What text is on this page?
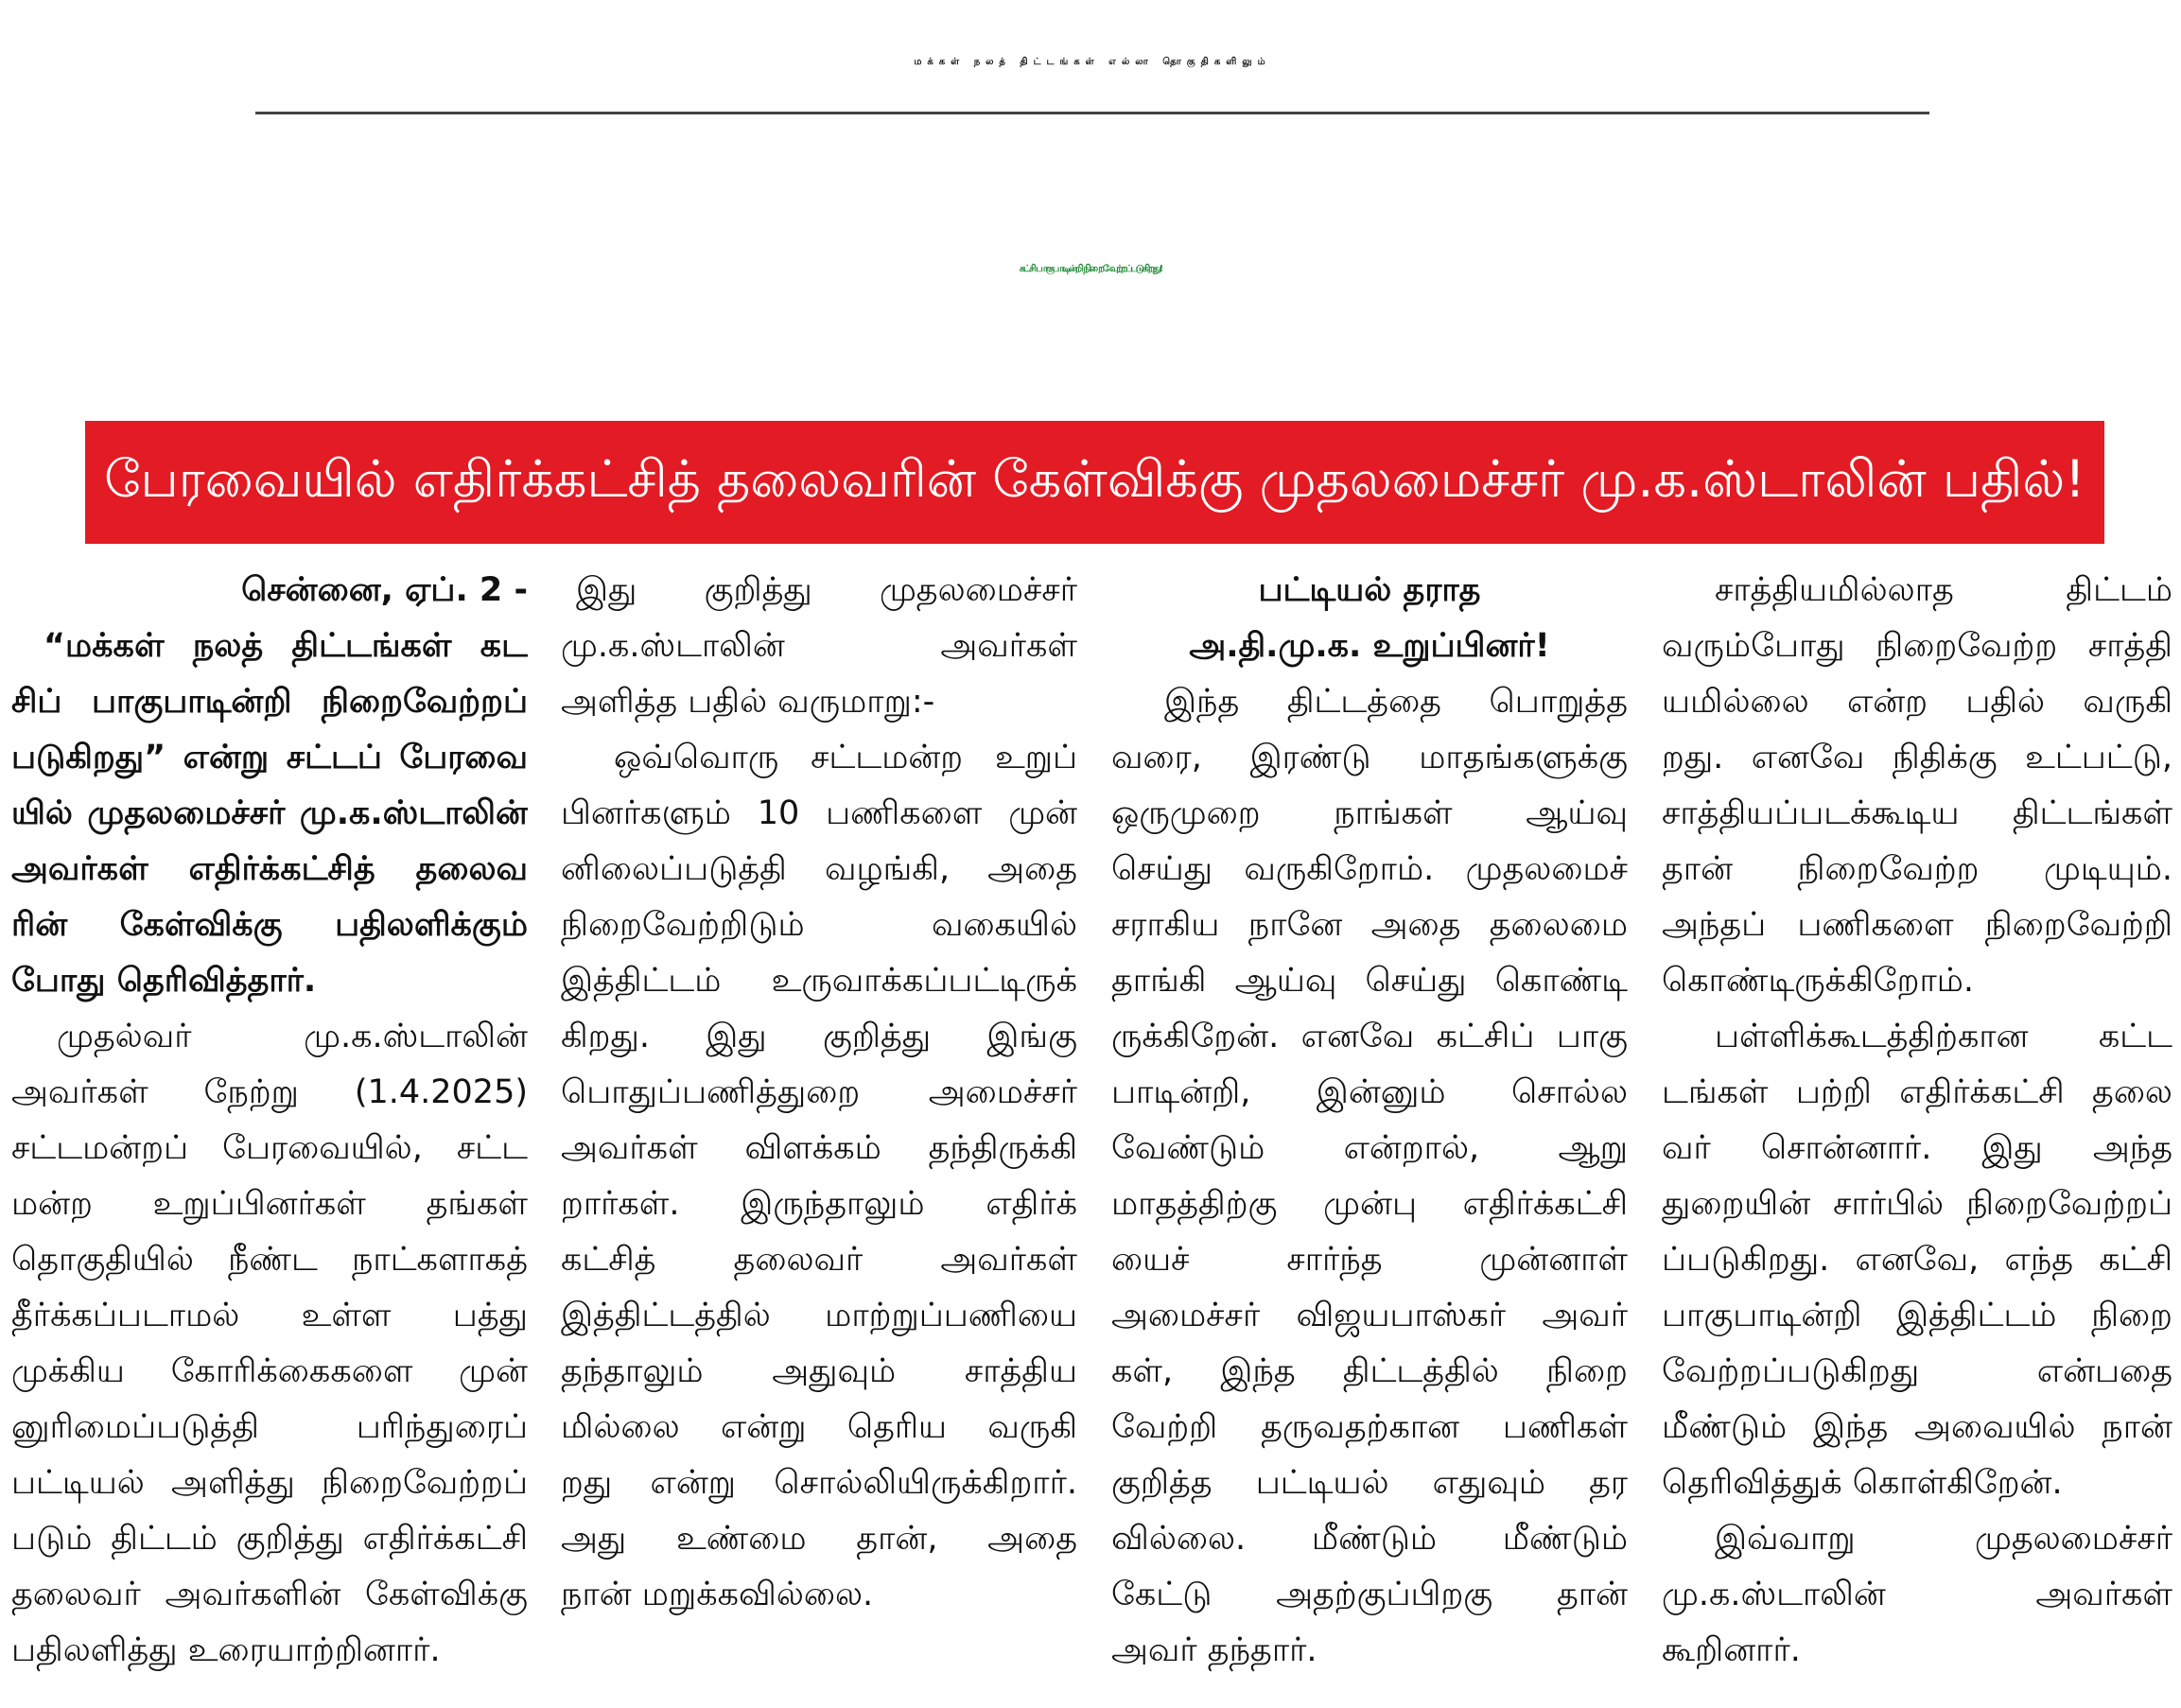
மக்கள் நலத் திட்டங்கள் எல்லா தொகுதிகளிலும்
கட்சி பாகுபாடின்றி நிறைவேற்றப்படுகிறது!
பேரவையில் எதிர்க்கட்சித் தலைவரின் கேள்விக்கு முதலமைச்சர் மு.க.ஸ்டாலின் பதில்!
சென்னை, ஏப். 2 -
“மக்கள் நலத் திட்டங்கள் கட
சிப் பாகுபாடின்றி நிறைவேற்றப்
படுகிறது” என்று சட்டப் பேரவை
யில் முதலமைச்சர் மு.க.ஸ்டாலின்
அவர்கள் எதிர்க்கட்சித் தலைவ
ரின் கேள்விக்கு பதிலளிக்கும்
போது தெரிவித்தார்.
முதல்வர் மு.க.ஸ்டாலின்
அவர்கள் நேற்று (1.4.2025)
சட்டமன்றப் பேரவையில், சட்ட
மன்ற உறுப்பினர்கள் தங்கள்
தொகுதியில் நீண்ட நாட்களாகத்
தீர்க்கப்படாமல் உள்ள பத்து
முக்கிய கோரிக்கைகளை முன்
னுரிமைப்படுத்தி பரிந்துரைப்
பட்டியல் அளித்து நிறைவேற்றப்
படும் திட்டம் குறித்து எதிர்க்கட்சி
தலைவர் அவர்களின் கேள்விக்கு
பதிலளித்து உரையாற்றினார்.
இது குறித்து முதலமைச்சர்
மு.க.ஸ்டாலின் அவர்கள்
அளித்த பதில் வருமாறு:-
ஒவ்வொரு சட்டமன்ற உறுப்
பினர்களும் 10 பணிகளை முன்
னிலைப்படுத்தி வழங்கி, அதை
நிறைவேற்றிடும் வகையில்
இத்திட்டம் உருவாக்கப்பட்டிருக்
கிறது. இது குறித்து இங்கு
பொதுப்பணித்துறை அமைச்சர்
அவர்கள் விளக்கம் தந்திருக்கி
றார்கள். இருந்தாலும் எதிர்க்
கட்சித் தலைவர் அவர்கள்
இத்திட்டத்தில் மாற்றுப்பணியை
தந்தாலும் அதுவும் சாத்திய
மில்லை என்று தெரிய வருகி
றது என்று சொல்லியிருக்கிறார்.
அது உண்மை தான், அதை
நான் மறுக்கவில்லை.
பட்டியல் தராத
அ.தி.மு.க. உறுப்பினர்!
இந்த திட்டத்தை பொறுத்த
வரை, இரண்டு மாதங்களுக்கு
ஒருமுறை நாங்கள் ஆய்வு
செய்து வருகிறோம். முதலமைச்
சராகிய நானே அதை தலைமை
தாங்கி ஆய்வு செய்து கொண்டி
ருக்கிறேன். எனவே கட்சிப் பாகு
பாடின்றி, இன்னும் சொல்ல
வேண்டும் என்றால், ஆறு
மாதத்திற்கு முன்பு எதிர்க்கட்சி
யைச் சார்ந்த முன்னாள்
அமைச்சர் விஜயபாஸ்கர் அவர்
கள், இந்த திட்டத்தில் நிறை
வேற்றி தருவதற்கான பணிகள்
குறித்த பட்டியல் எதுவும் தர
வில்லை. மீண்டும் மீண்டும்
கேட்டு அதற்குப்பிறகு தான்
அவர் தந்தார்.
சாத்தியமில்லாத திட்டம்
வரும்போது நிறைவேற்ற சாத்தி
யமில்லை என்ற பதில் வருகி
றது. எனவே நிதிக்கு உட்பட்டு,
சாத்தியப்படக்கூடிய திட்டங்கள்
தான் நிறைவேற்ற முடியும்.
அந்தப் பணிகளை நிறைவேற்றி
கொண்டிருக்கிறோம்.
பள்ளிக்கூடத்திற்கான கட்ட
டங்கள் பற்றி எதிர்க்கட்சி தலை
வர் சொன்னார். இது அந்த
துறையின் சார்பில் நிறைவேற்றப்
ப்படுகிறது. எனவே, எந்த கட்சி
பாகுபாடின்றி இத்திட்டம் நிறை
வேற்றப்படுகிறது என்பதை
மீண்டும் இந்த அவையில் நான்
தெரிவித்துக் கொள்கிறேன்.
இவ்வாறு முதலமைச்சர்
மு.க.ஸ்டாலின் அவர்கள்
கூறினார்.
